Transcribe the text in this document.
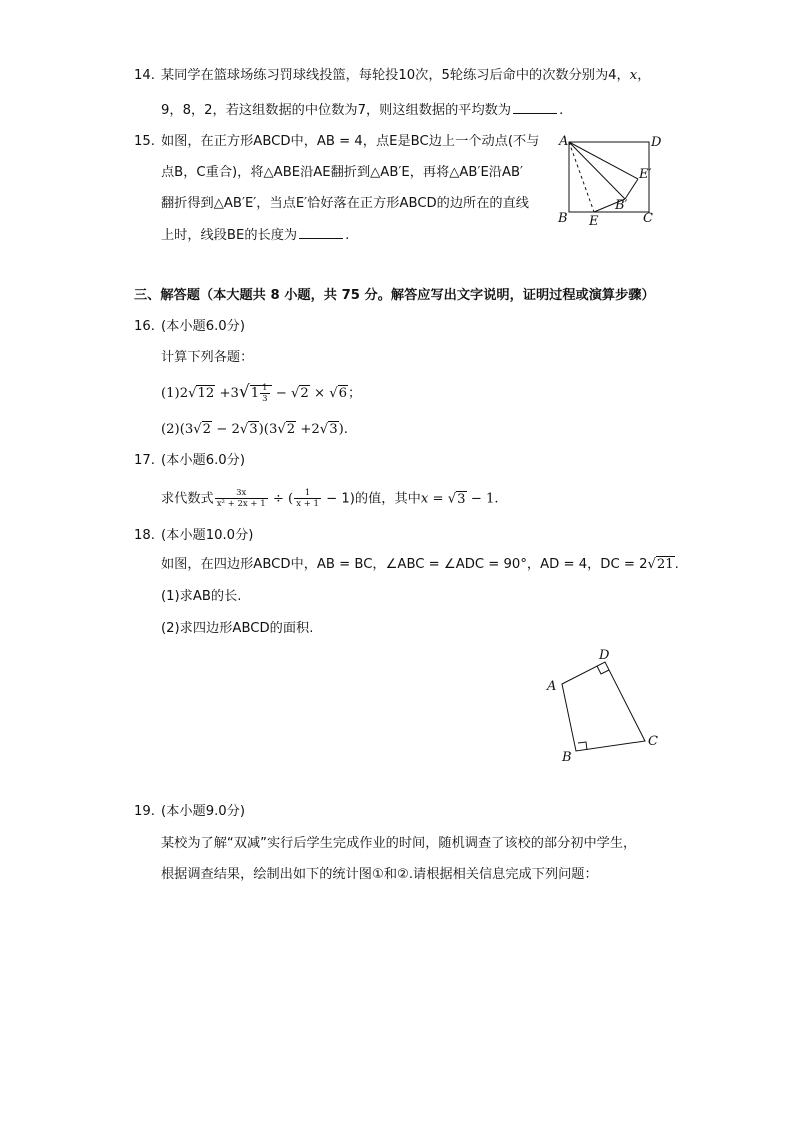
14. 某同学在篮球场练习罚球线投篮，每轮投10次，5轮练习后命中的次数分别为4，x，
9，8，2，若这组数据的中位数为7，则这组数据的平均数为	.
15. 如图，在正方形ABCD中，AB = 4，点E是BC边上一个动点(不与
点B，C重合)，将△ABE沿AE翻折到△AB′E，再将△AB′E沿AB′
翻折得到△AB′E′，当点E′恰好落在正方形ABCD的边所在的直线
上时，线段BE的长度为	.
A	D
E′
B′
B E	C
三、解答题（本大题共 8 小题，共 75 分。解答应写出文字说明，证明过程或演算步骤）
16. (本小题6.0分)
计算下列各题：
$(1)2√12 +3√1 \frac{1}{3} - √2 \times √6$；
(2)(3√2 − 2√3)(3√2 +2√3).
17. (本小题6.0分)
求代数式 $\frac{3x}{\text{x² + 2x + 1}}$ ÷ ( $\frac{1}{x + 1} - 1$)的值，其中x = √3 − 1.
18. (本小题10.0分)
如图，在四边形ABCD中，AB = BC，∠ABC = ∠ADC = 90°，AD = 4，DC = 2√21.
(1)求AB的长.
(2)求四边形ABCD的面积.
A
D
C
B
19. (本小题9.0分)
某校为了解“双减”实行后学生完成作业的时间，随机调查了该校的部分初中学生，
根据调查结果，绘制出如下的统计图①和②.请根据相关信息完成下列问题：
